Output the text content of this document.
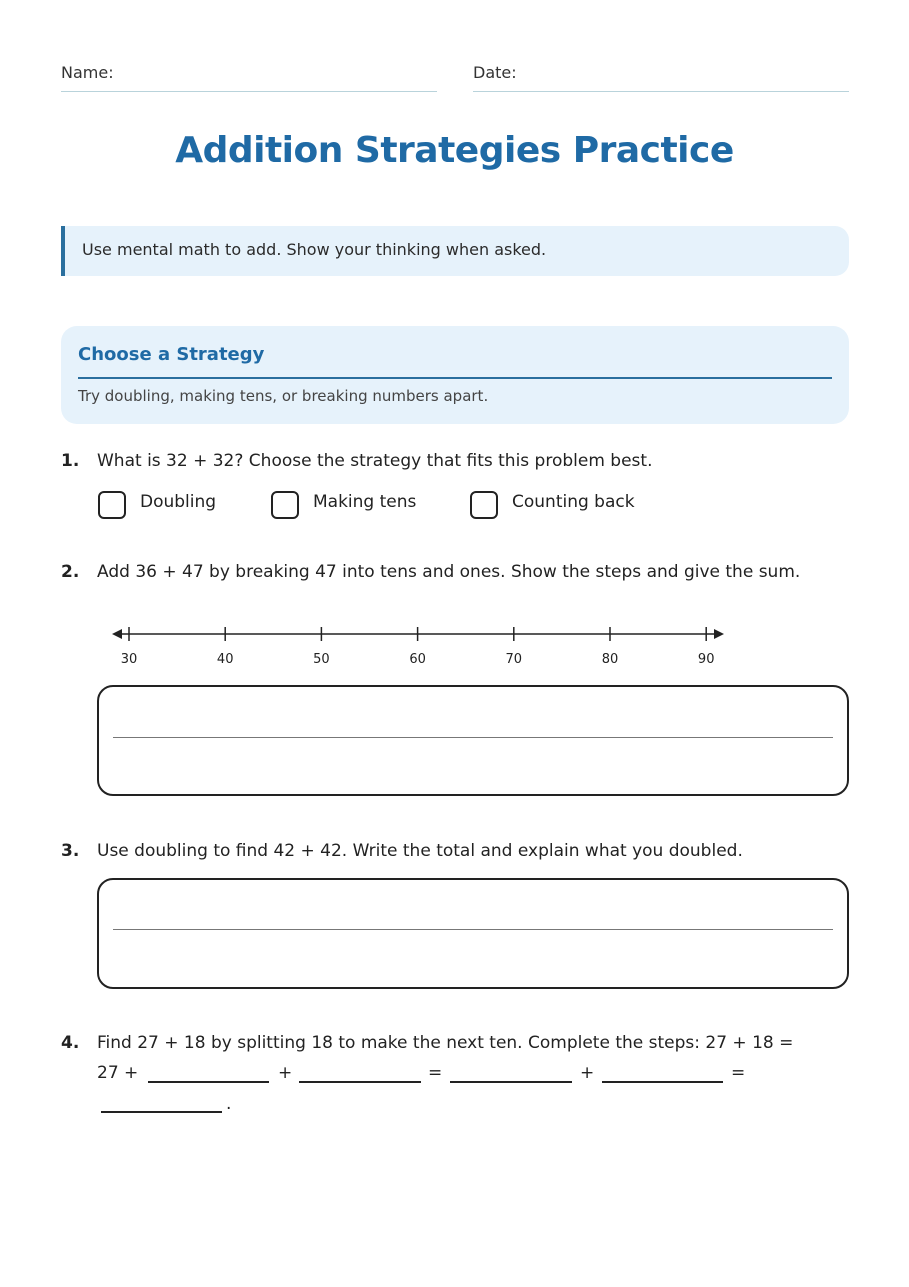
Name:	Date:
Addition Strategies Practice
Use mental math to add. Show your thinking when asked.
Choose a Strategy
Try doubling, making tens, or breaking numbers apart.
1. What is 32 + 32? Choose the strategy that fits this problem best.
Doubling	Making tens	Counting back
2. Add 36 + 47 by breaking 47 into tens and ones. Show the steps and give the sum.
30	40	50	60	70	80	90
3. Use doubling to find 42 + 42. Write the total and explain what you doubled.
4. Find 27 + 18 by splitting 18 to make the next ten. Complete the steps: 27 + 18 =
27 +	+	=	+	=
.
